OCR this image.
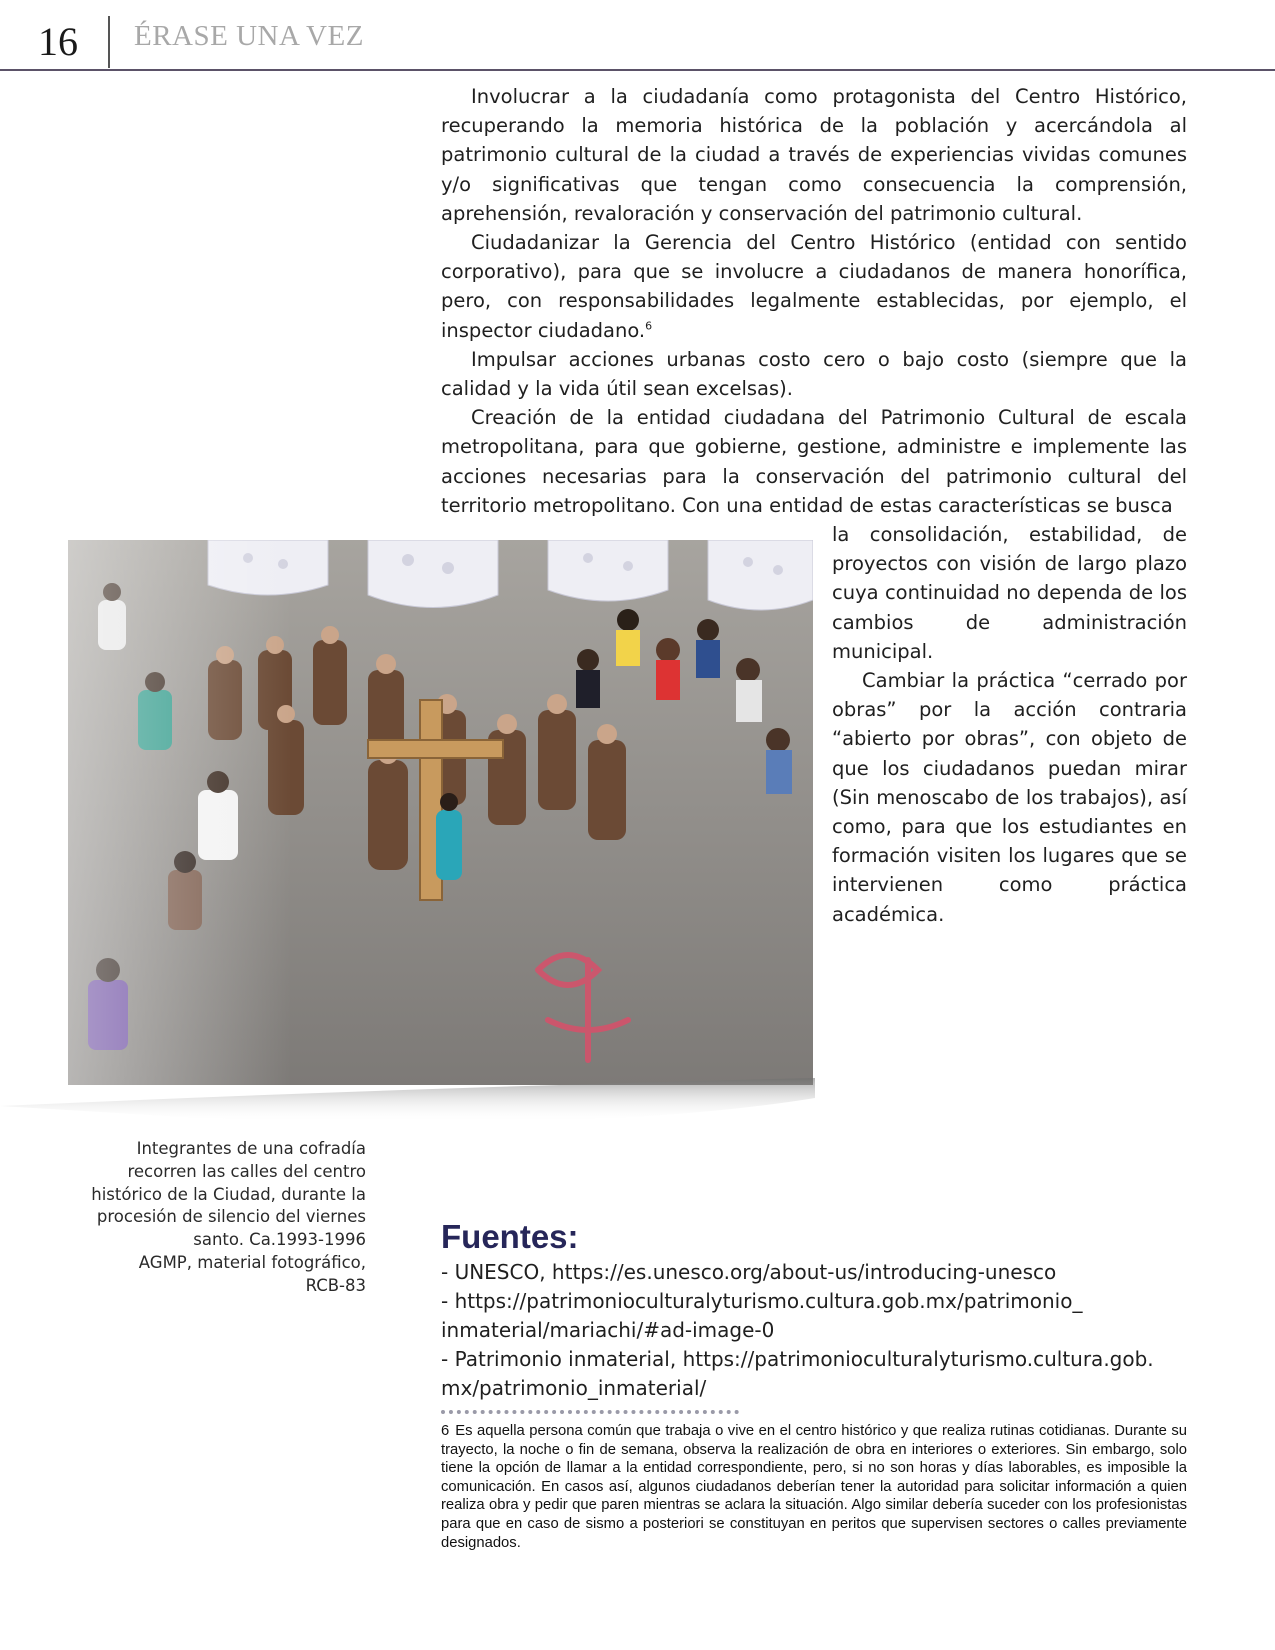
16 ÉRASE UNA VEZ

Involucrar a la ciudadanía como protagonista del Centro Histórico, recuperando la memoria histórica de la población y acercándola al patrimonio cultural de la ciudad a través de experiencias vividas comunes y/o significativas que tengan como consecuencia la comprensión, aprehensión, revaloración y conservación del patrimonio cultural.

Ciudadanizar la Gerencia del Centro Histórico (entidad con sentido corporativo), para que se involucre a ciudadanos de manera honorífica, pero, con responsabilidades legalmente establecidas, por ejemplo, el inspector ciudadano.$^6$

Impulsar acciones urbanas costo cero o bajo costo (siempre que la calidad y la vida útil sean excelsas).

Creación de la entidad ciudadana del Patrimonio Cultural de escala metropolitana, para que gobierne, gestione, administre e implemente las acciones necesarias para la conservación del patrimonio cultural del territorio metropolitano. Con una entidad de estas características se busca

la consolidación, estabilidad, de proyectos con visión de largo plazo cuya continuidad no dependa de los cambios de administración municipal.

Cambiar la práctica “cerrado por obras” por la acción contraria “abierto por obras”, con objeto de que los ciudadanos puedan mirar (Sin menoscabo de los trabajos), así como, para que los estudiantes en formación visiten los lugares que se intervienen como práctica académica.

Integrantes de una cofradía
recorren las calles del centro
histórico de la Ciudad, durante la
procesión de silencio del viernes
santo. Ca.1993-1996
AGMP, material fotográfico,
RCB-83
Fuentes:

- UNESCO, https://es.unesco.org/about-us/introducing-unesco

- https://patrimonioculturalyturismo.cultura.gob.mx/patrimonio_ inmaterial/mariachi/#ad-image-0

- Patrimonio inmaterial, https://patrimonioculturalyturismo.cultura.gob. mx/patrimonio_inmaterial/

6 Es aquella persona común que trabaja o vive en el centro histórico y que realiza rutinas cotidianas. Durante su trayecto, la noche o fin de semana, observa la realización de obra en interiores o exteriores. Sin embargo, solo tiene la opción de llamar a la entidad correspondiente, pero, si no son horas y días laborables, es imposible la comunicación. En casos así, algunos ciudadanos deberían tener la autoridad para solicitar información a quien realiza obra y pedir que paren mientras se aclara la situación. Algo similar debería suceder con los profesionistas para que en caso de sismo a posteriori se constituyan en peritos que supervisen sectores o calles previamente designados.
